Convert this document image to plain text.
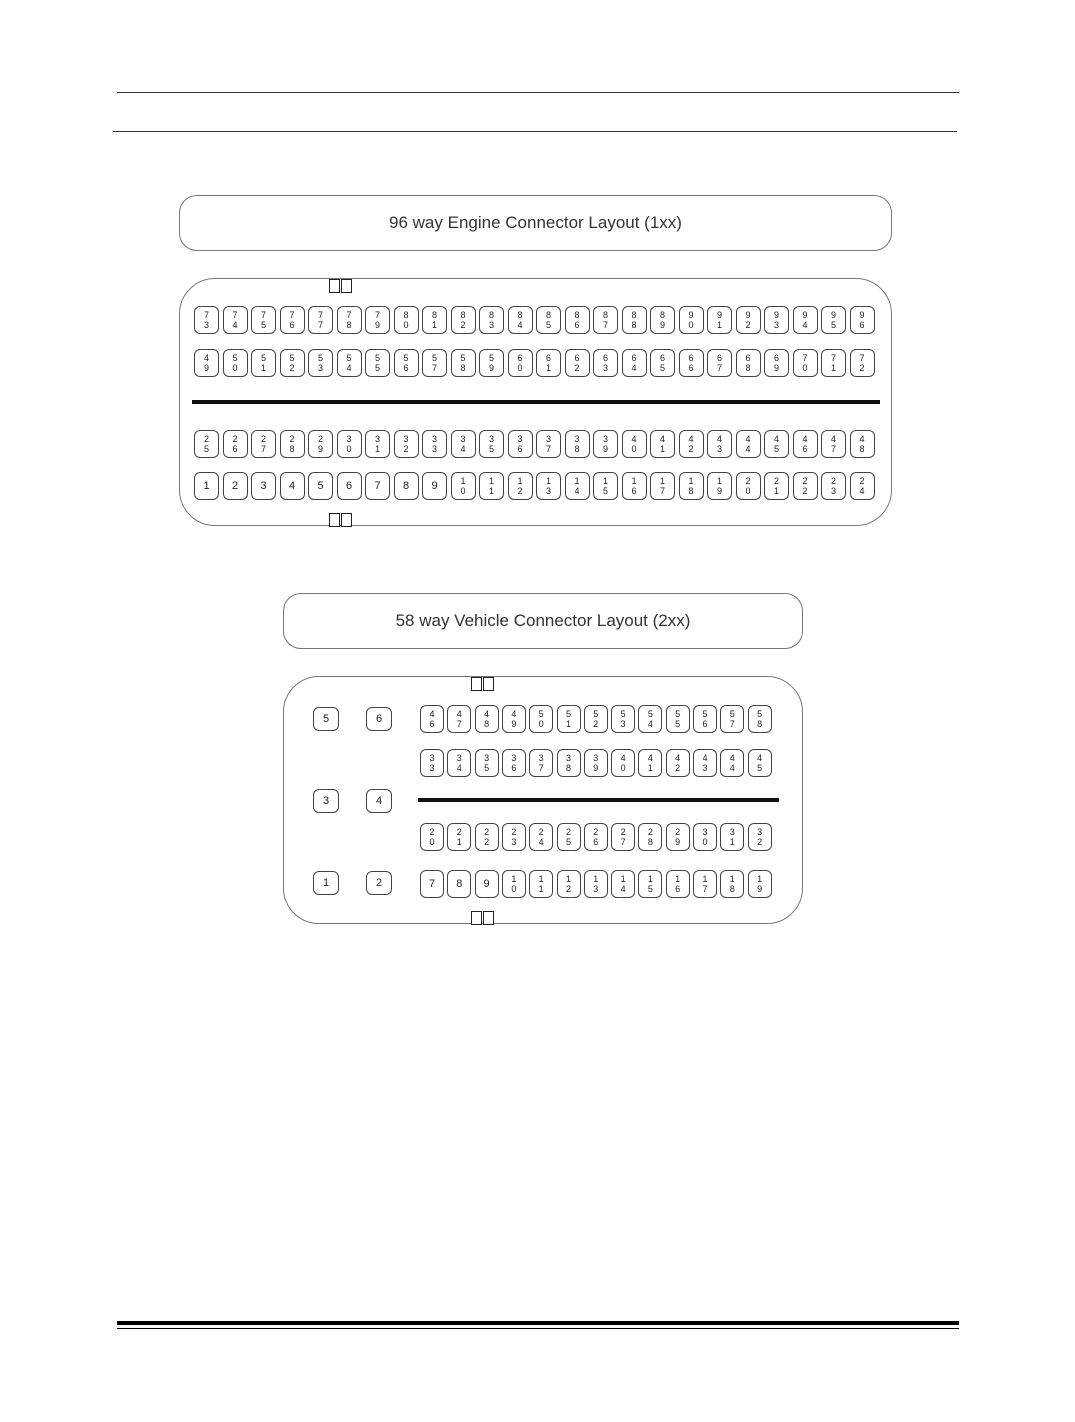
96 way Engine Connector Layout (1xx)
7
3
7
4
7
5
7
6
7
7
7
8
7
9
8
0
8
1
8
2
8
3
8
4
8
5
8
6
8
7
8
8
8
9
9
0
9
1
9
2
9
3
9
4
9
5
9
6
4
9
5
0
5
1
5
2
5
3
5
4
5
5
5
6
5
7
5
8
5
9
6
0
6
1
6
2
6
3
6
4
6
5
6
6
6
7
6
8
6
9
7
0
7
1
7
2
2
5
2
6
2
7
2
8
2
9
3
0
3
1
3
2
3
3
3
4
3
5
3
6
3
7
3
8
3
9
4
0
4
1
4
2
4
3
4
4
4
5
4
6
4
7
4
8
1	2	3	4	5	6	7	8	9	1
0
1
1
1
2
1
3
1
4
1
5
1
6
1
7
1
8
1
9
2
0
2
1
2
2
2
3
2
4
58 way Vehicle Connector Layout (2xx)
5	6
3	4
1	2
4
6
4
7
4
8
4
9
5
0
5
1
5
2
5
3
5
4
5
5
5
6
5
7
5
8
3
3
3
4
3
5
3
6
3
7
3
8
3
9
4
0
4
1
4
2
4
3
4
4
4
5
2
0
2
1
2
2
2
3
2
4
2
5
2
6
2
7
2
8
2
9
3
0
3
1
3
2
7	8	9	1
0
1
1
1
2
1
3
1
4
1
5
1
6
1
7
1
8
1
9
